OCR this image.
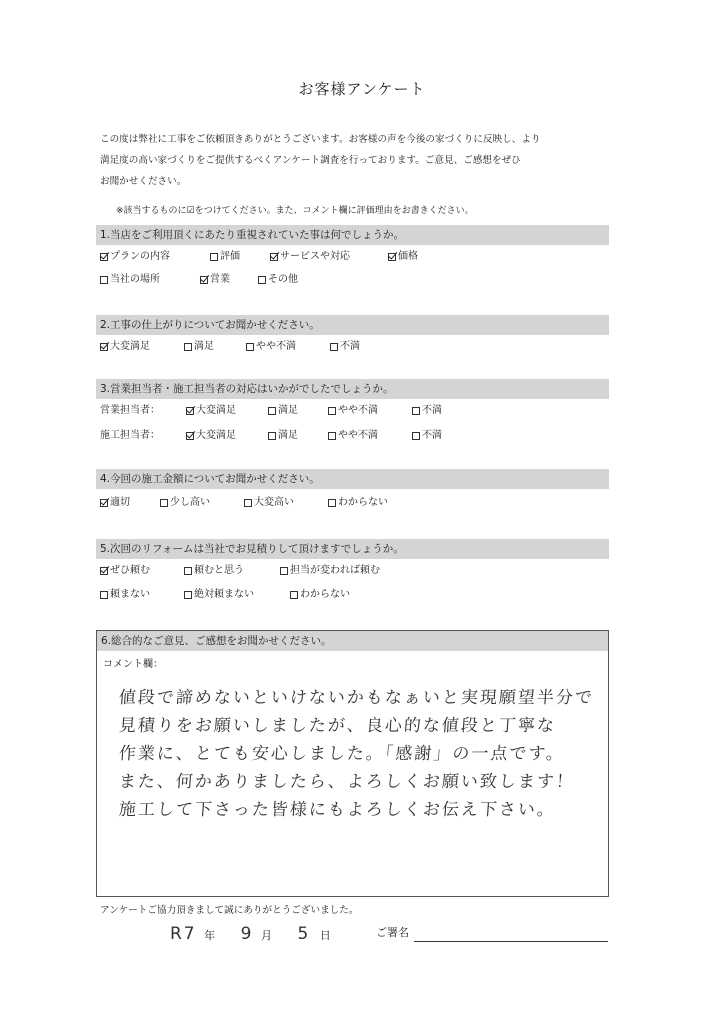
お客様アンケート

この度は弊社に工事をご依頼頂きありがとうございます。お客様の声を今後の家づくりに反映し、より

満足度の高い家づくりをご提供するべくアンケート調査を行っております。ご意見、ご感想をぜひ

お聞かせください。

※該当するものに☑をつけてください。また、コメント欄に評価理由をお書きください。
1.当店をご利用頂くにあたり重視されていた事は何でしょうか。
プランの内容	評価	サービスや対応	価格
当社の場所	営業	その他
2.工事の仕上がりについてお聞かせください。
大変満足	満足	やや不満	不満
3.営業担当者・施工担当者の対応はいかがでしたでしょうか。
営業担当者：	大変満足	満足	やや不満	不満
施工担当者：	大変満足	満足	やや不満	不満
4.今回の施工金額についてお聞かせください。
適切	少し高い	大変高い	わからない
5.次回のリフォームは当社でお見積りして頂けますでしょうか。
ぜひ頼む	頼むと思う	担当が変われば頼む
頼まない	絶対頼まない	わからない
6.総合的なご意見、ご感想をお聞かせください。
コメント欄：
値段で諦めないといけないかもなぁいと実現願望半分で
見積りをお願いしましたが、良心的な値段と丁寧な
作業に、とても安心しました。「感謝」の一点です。
また、何かありましたら、よろしくお願い致します！
施工して下さった皆様にもよろしくお伝え下さい。
アンケートご協力頂きまして誠にありがとうございました。
R7 年 9 月 5 日	ご署名
